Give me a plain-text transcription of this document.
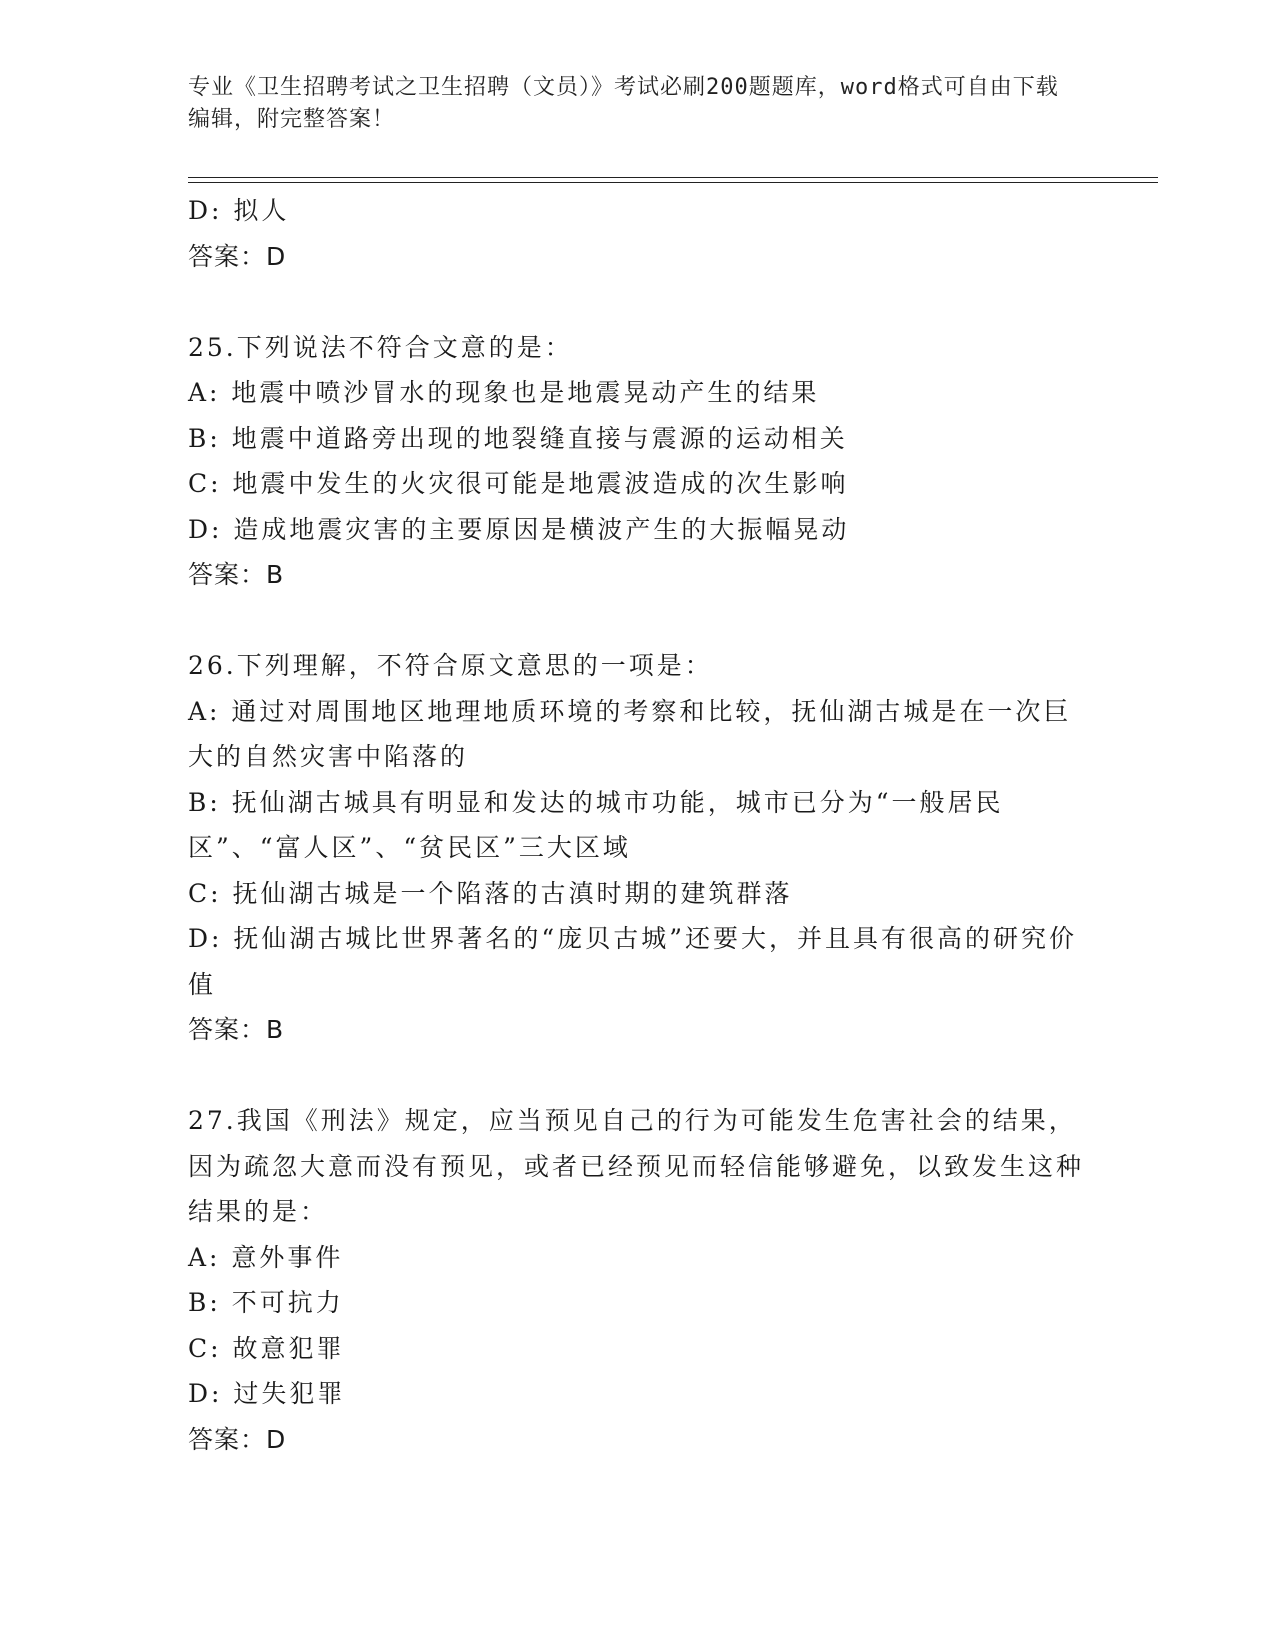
专业《卫生招聘考试之卫生招聘（文员）》考试必刷200题题库，word格式可自由下载编辑，附完整答案！
D: 拟人
答案：D
25.下列说法不符合文意的是：
A: 地震中喷沙冒水的现象也是地震晃动产生的结果
B: 地震中道路旁出现的地裂缝直接与震源的运动相关
C: 地震中发生的火灾很可能是地震波造成的次生影响
D: 造成地震灾害的主要原因是横波产生的大振幅晃动
答案：B
26.下列理解，不符合原文意思的一项是：
A: 通过对周围地区地理地质环境的考察和比较，抚仙湖古城是在一次巨大的自然灾害中陷落的
B: 抚仙湖古城具有明显和发达的城市功能，城市已分为“一般居民区”、“富人区”、“贫民区”三大区域
C: 抚仙湖古城是一个陷落的古滇时期的建筑群落
D: 抚仙湖古城比世界著名的“庞贝古城”还要大，并且具有很高的研究价值
答案：B
27.我国《刑法》规定，应当预见自己的行为可能发生危害社会的结果，因为疏忽大意而没有预见，或者已经预见而轻信能够避免，以致发生这种结果的是：
A: 意外事件
B: 不可抗力
C: 故意犯罪
D: 过失犯罪
答案：D
